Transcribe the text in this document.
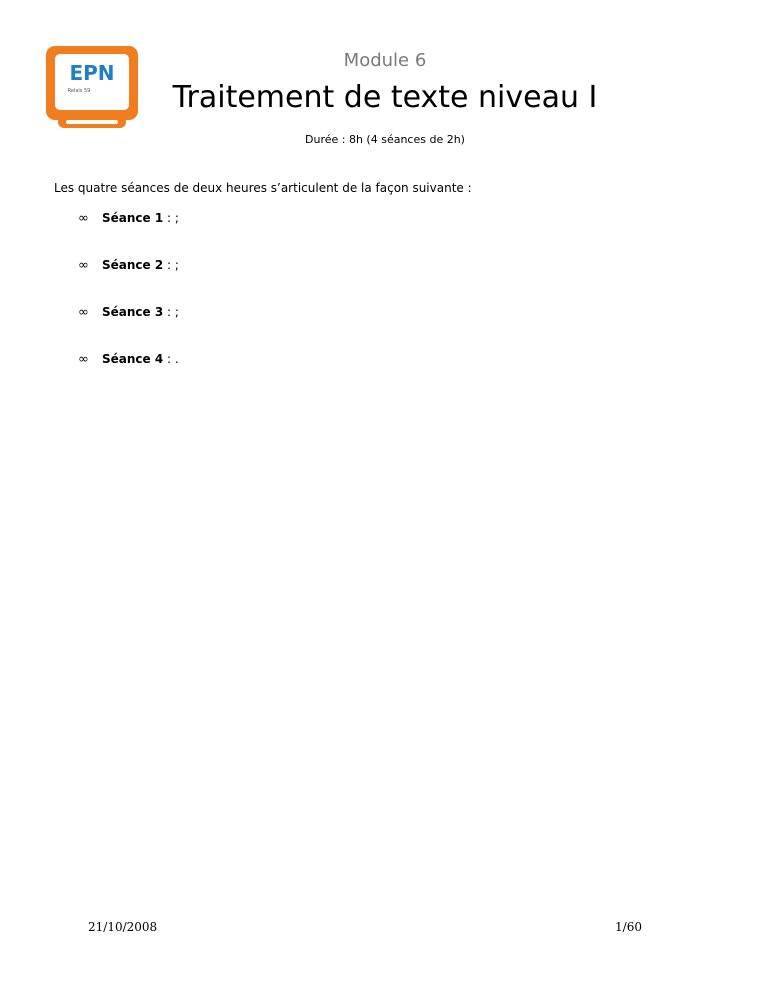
EPN
Relais 59
Module 6
Traitement de texte niveau I
Durée : 8h (4 séances de 2h)
Les quatre séances de deux heures s’articulent de la façon suivante :
∞ Séance 1 : ;
∞ Séance 2 : ;
∞ Séance 3 : ;
∞ Séance 4 : .
21/10/2008	1/60
